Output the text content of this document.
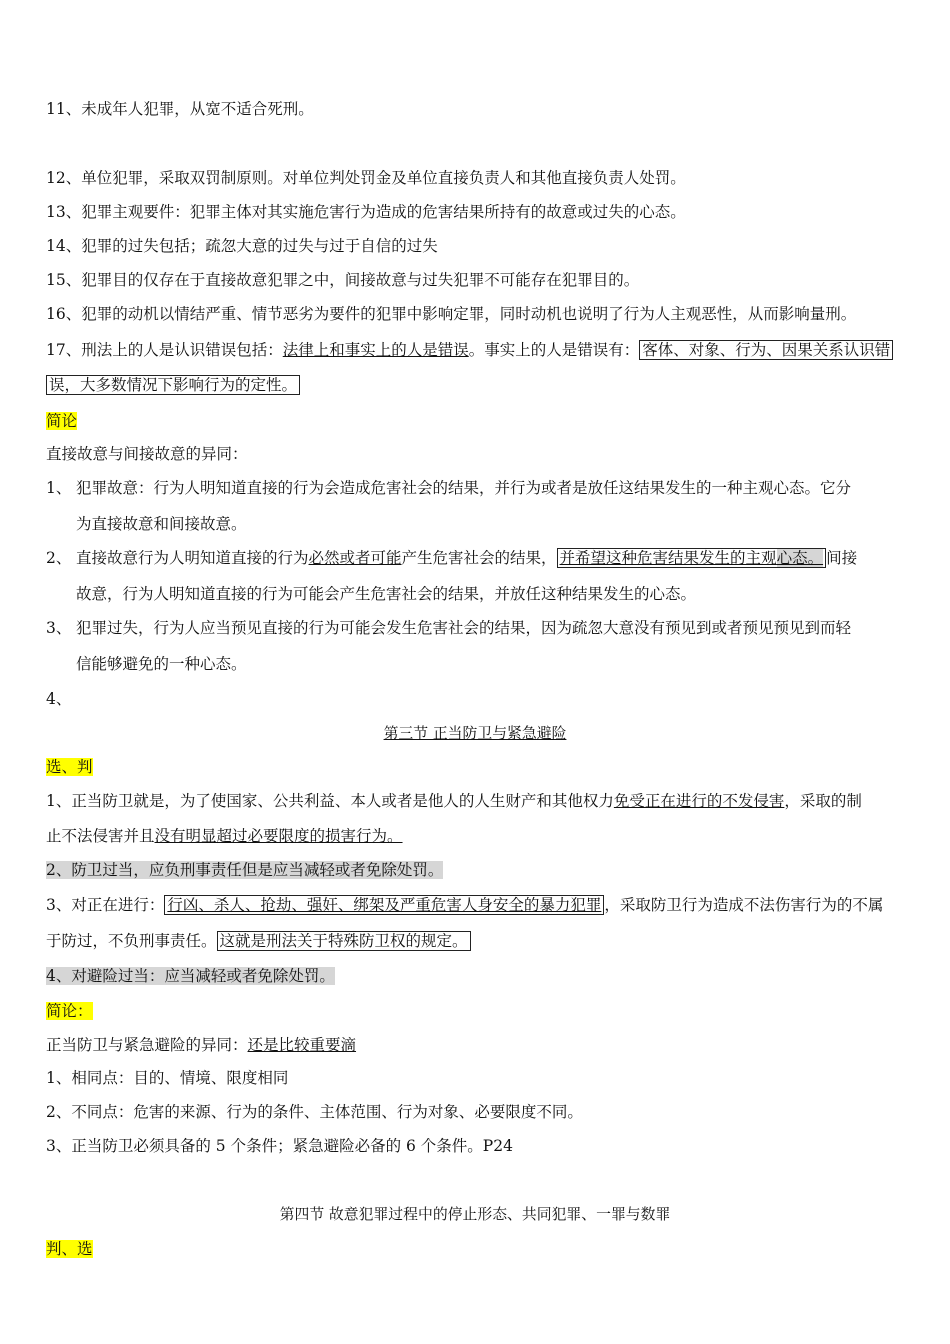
11、未成年人犯罪，从宽不适合死刑。
12、单位犯罪，采取双罚制原则。对单位判处罚金及单位直接负责人和其他直接负责人处罚。
13、犯罪主观要件：犯罪主体对其实施危害行为造成的危害结果所持有的故意或过失的心态。
14、犯罪的过失包括；疏忽大意的过失与过于自信的过失
15、犯罪目的仅存在于直接故意犯罪之中，间接故意与过失犯罪不可能存在犯罪目的。
16、犯罪的动机以情结严重、情节恶劣为要件的犯罪中影响定罪，同时动机也说明了行为人主观恶性，从而影响量刑。
17、刑法上的人是认识错误包括：法律上和事实上的人是错误。事实上的人是错误有： 客体、对象、行为、因果关系认识错
误，大多数情况下影响行为的定性。
简论
直接故意与间接故意的异同：
1、 犯罪故意：行为人明知道直接的行为会造成危害社会的结果，并行为或者是放任这结果发生的一种主观心态。它分
为直接故意和间接故意。
2、 直接故意行为人明知道直接的行为必然或者可能产生危害社会的结果， 并希望这种危害结果发生的主观心态。 间接
故意，行为人明知道直接的行为可能会产生危害社会的结果，并放任这种结果发生的心态。
3、 犯罪过失，行为人应当预见直接的行为可能会发生危害社会的结果，因为疏忽大意没有预见到或者预见预见到而轻
信能够避免的一种心态。
4、
第三节 正当防卫与紧急避险
选、判
1、正当防卫就是，为了使国家、公共利益、本人或者是他人的人生财产和其他权力免受正在进行的不发侵害，采取的制
止不法侵害并且没有明显超过必要限度的损害行为。
2、防卫过当，应负刑事责任但是应当减轻或者免除处罚。
3、对正在进行： 行凶、杀人、抢劫、强奸、绑架及严重危害人身安全的暴力犯罪 ，采取防卫行为造成不法伤害行为的不属
于防过，不负刑事责任。 这就是刑法关于特殊防卫权的规定。
4、对避险过当：应当减轻或者免除处罚。
简论：
正当防卫与紧急避险的异同：还是比较重要滴
1、相同点：目的、情境、限度相同
2、不同点：危害的来源、行为的条件、主体范围、行为对象、必要限度不同。
3、正当防卫必须具备的 5 个条件；紧急避险必备的 6 个条件。P24
第四节 故意犯罪过程中的停止形态、共同犯罪、一罪与数罪
判、选
